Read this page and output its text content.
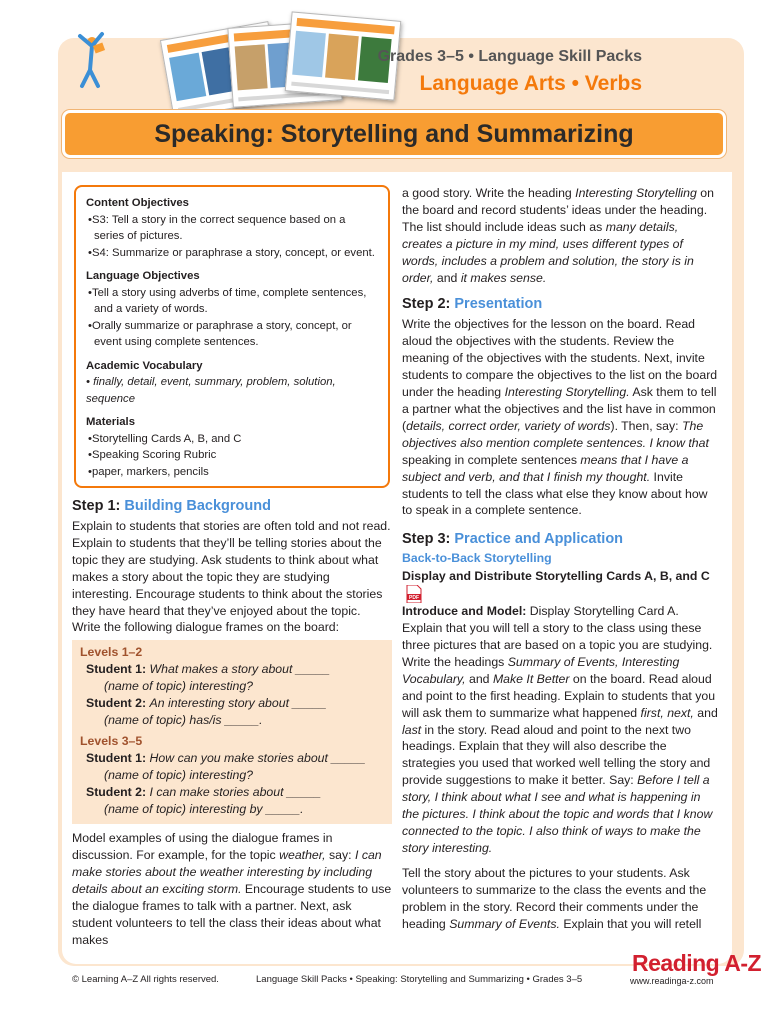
Grades 3–5 • Language Skill Packs
Language Arts • Verbs
Speaking: Storytelling and Summarizing
Content Objectives
•S3: Tell a story in the correct sequence based on a series of pictures.
•S4: Summarize or paraphrase a story, concept, or event.
Language Objectives
•Tell a story using adverbs of time, complete sentences, and a variety of words.
•Orally summarize or paraphrase a story, concept, or event using complete sentences.
Academic Vocabulary
• finally, detail, event, summary, problem, solution, sequence
Materials
•Storytelling Cards A, B, and C
•Speaking Scoring Rubric
•paper, markers, pencils
Step 1: Building Background
Explain to students that stories are often told and not read. Explain to students that they’ll be telling stories about the topic they are studying. Ask students to think about what makes a story about the topic they are studying interesting. Encourage students to think about the stories they have heard that they’ve enjoyed about the topic. Write the following dialogue frames on the board:
Levels 1–2
Student 1: What makes a story about _____
(name of topic) interesting?
Student 2: An interesting story about _____
(name of topic) has/is _____.
Levels 3–5
Student 1: How can you make stories about _____
(name of topic) interesting?
Student 2: I can make stories about _____
(name of topic) interesting by _____.
Model examples of using the dialogue frames in discussion. For example, for the topic weather, say: I can make stories about the weather interesting by including details about an exciting storm. Encourage students to use the dialogue frames to talk with a partner. Next, ask student volunteers to tell the class their ideas about what makes
a good story. Write the heading Interesting Storytelling on the board and record students’ ideas under the heading. The list should include ideas such as many details, creates a picture in my mind, uses different types of words, includes a problem and solution, the story is in order, and it makes sense.
Step 2: Presentation
Write the objectives for the lesson on the board. Read aloud the objectives with the students. Review the meaning of the objectives with the students. Next, invite students to compare the objectives to the list on the board under the heading Interesting Storytelling. Ask them to tell a partner what the objectives and the list have in common (details, correct order, variety of words). Then, say: The objectives also mention complete sentences. I know that speaking in complete sentences means that I have a subject and verb, and that I finish my thought. Invite students to tell the class what else they know about how to speak in a complete sentence.
Step 3: Practice and Application
Back-to-Back Storytelling
Display and Distribute Storytelling Cards A, B, and C
PDF
Introduce and Model: Display Storytelling Card A. Explain that you will tell a story to the class using these three pictures that are based on a topic you are studying. Write the headings Summary of Events, Interesting Vocabulary, and Make It Better on the board. Read aloud and point to the first heading. Explain to students that you will ask them to summarize what happened first, next, and last in the story. Read aloud and point to the next two headings. Explain that they will also describe the strategies you used that worked well telling the story and provide suggestions to make it better. Say: Before I tell a story, I think about what I see and what is happening in the pictures. I think about the topic and words that I know connected to the topic. I also think of ways to make the story interesting.
Tell the story about the pictures to your students. Ask volunteers to summarize to the class the events and the problem in the story. Record their comments under the heading Summary of Events. Explain that you will retell
© Learning A–Z All rights reserved.	Language Skill Packs • Speaking: Storytelling and Summarizing • Grades 3–5
Reading A-Z
www.readinga-z.com
